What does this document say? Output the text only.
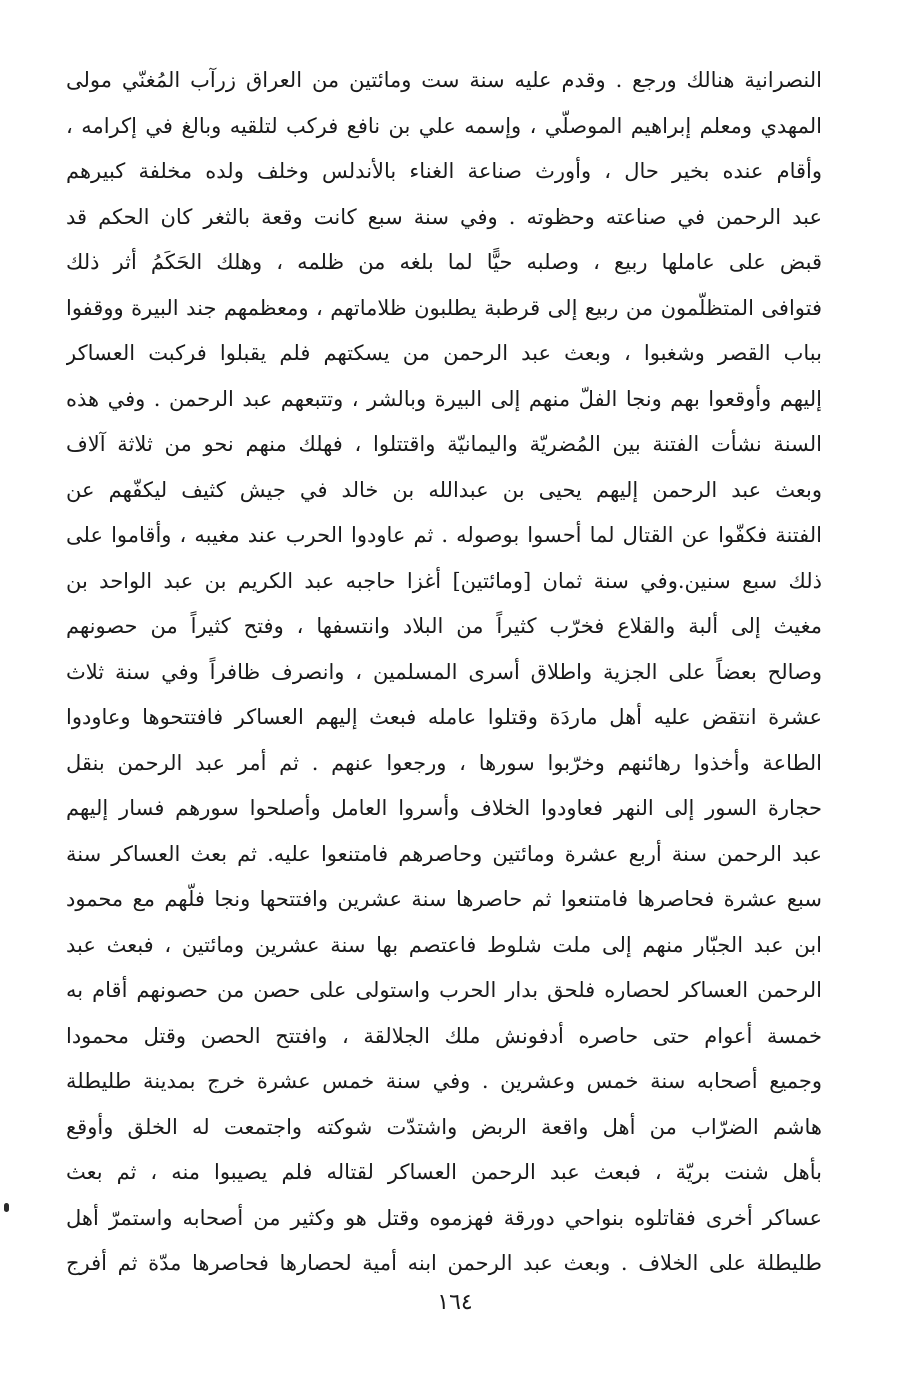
النصرانية هنالك ورجع . وقدم عليه سنة ست ومائتين من العراق زرآب المُغنّي مولى
المهدي ومعلم إبراهيم الموصلّي ، وإسمه علي بن نافع فركب لتلقيه وبالغ في إكرامه ،
وأقام عنده بخير حال ، وأورث صناعة الغناء بالأندلس وخلف ولده مخلفة كبيرهم
عبد الرحمن في صناعته وحظوته . وفي سنة سبع كانت وقعة بالثغر كان الحكم قد
قبض على عاملها ربيع ، وصلبه حيًّا لما بلغه من ظلمه ، وهلك الحَكَمُ أثر ذلك
فتوافى المتظلّمون من ربيع إلى قرطبة يطلبون ظلاماتهم ، ومعظمهم جند البيرة ووقفوا
بباب القصر وشغبوا ، وبعث عبد الرحمن من يسكتهم فلم يقبلوا فركبت العساكر
إليهم وأوقعوا بهم ونجا الفلّ منهم إلى البيرة وبالشر ، وتتبعهم عبد الرحمن . وفي هذه
السنة نشأت الفتنة بين المُضريّة واليمانيّة واقتتلوا ، فهلك منهم نحو من ثلاثة آلاف
وبعث عبد الرحمن إليهم يحيى بن عبدالله بن خالد في جيش كثيف ليكفّهم عن
الفتنة فكفّوا عن القتال لما أحسوا بوصوله . ثم عاودوا الحرب عند مغيبه ، وأقاموا على
ذلك سبع سنين.وفي سنة ثمان [ومائتين] أغزا حاجبه عبد الكريم بن عبد الواحد بن
مغيث إلى ألبة والقلاع فخرّب كثيراً من البلاد وانتسفها ، وفتح كثيراً من حصونهم
وصالح بعضاً على الجزية واطلاق أسرى المسلمين ، وانصرف ظافراً وفي سنة ثلاث
عشرة انتقض عليه أهل ماردَة وقتلوا عامله فبعث إليهم العساكر فافتتحوها وعاودوا
الطاعة وأخذوا رهائنهم وخرّبوا سورها ، ورجعوا عنهم . ثم أمر عبد الرحمن بنقل
حجارة السور إلى النهر فعاودوا الخلاف وأسروا العامل وأصلحوا سورهم فسار إليهم
عبد الرحمن سنة أربع عشرة ومائتين وحاصرهم فامتنعوا عليه. ثم بعث العساكر سنة
سبع عشرة فحاصرها فامتنعوا ثم حاصرها سنة عشرين وافتتحها ونجا فلّهم مع محمود
ابن عبد الجبّار منهم إلى ملت شلوط فاعتصم بها سنة عشرين ومائتين ، فبعث عبد
الرحمن العساكر لحصاره فلحق بدار الحرب واستولى على حصن من حصونهم أقام به
خمسة أعوام حتى حاصره أدفونش ملك الجلالقة ، وافتتح الحصن وقتل محمودا
وجميع أصحابه سنة خمس وعشرين . وفي سنة خمس عشرة خرج بمدينة طليطلة
هاشم الضرّاب من أهل واقعة الربض واشتدّت شوكته واجتمعت له الخلق وأوقع
بأهل شنت بريّة ، فبعث عبد الرحمن العساكر لقتاله فلم يصيبوا منه ، ثم بعث
عساكر أخرى فقاتلوه بنواحي دورقة فهزموه وقتل هو وكثير من أصحابه واستمرّ أهل
طليطلة على الخلاف . وبعث عبد الرحمن ابنه أمية لحصارها فحاصرها مدّة ثم أفرج
١٦٤
